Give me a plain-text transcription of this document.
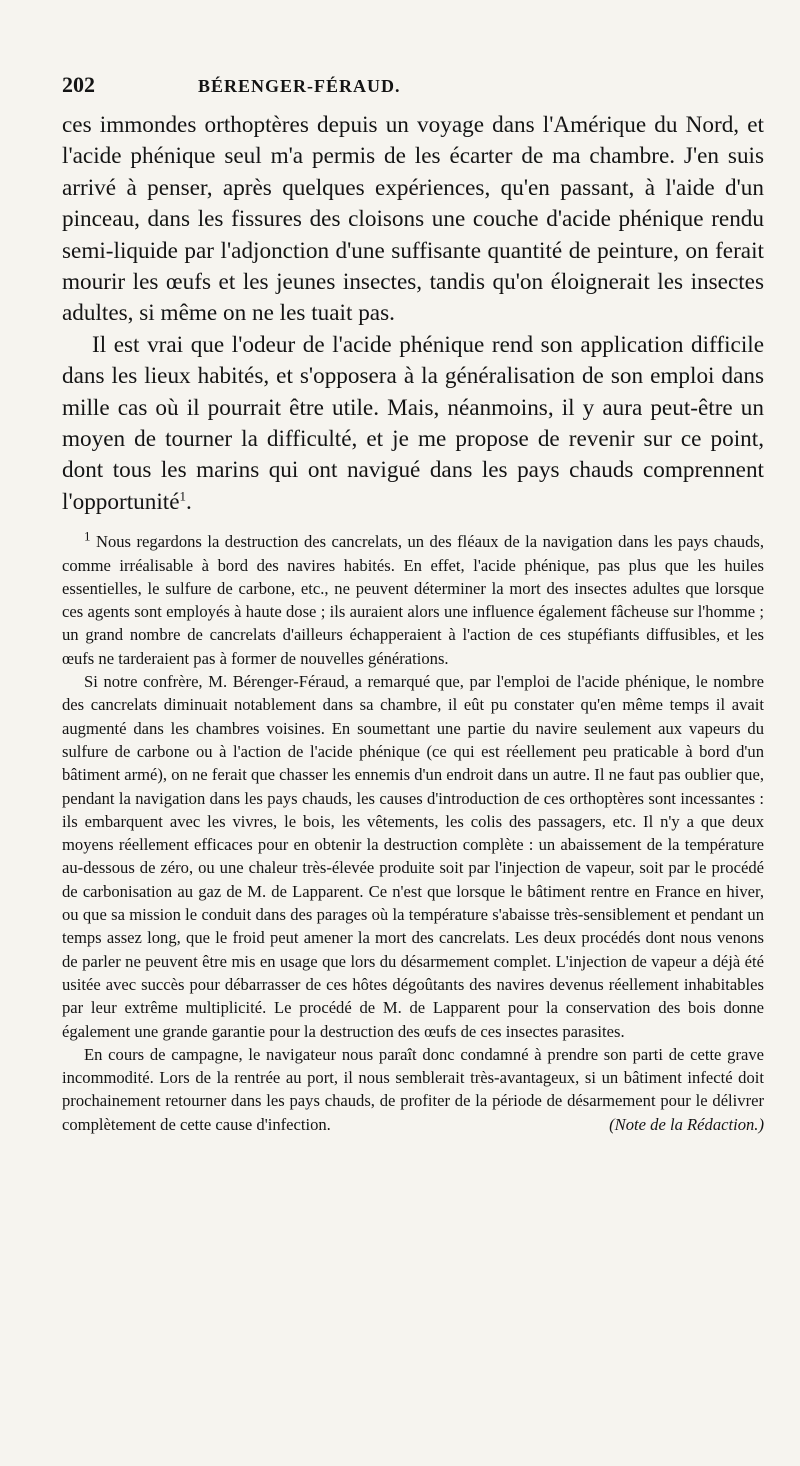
202	BÉRENGER-FÉRAUD.

ces immondes orthoptères depuis un voyage dans l'Amérique du Nord, et l'acide phénique seul m'a permis de les écarter de ma chambre. J'en suis arrivé à penser, après quelques expériences, qu'en passant, à l'aide d'un pinceau, dans les fissures des cloisons une couche d'acide phénique rendu semi-liquide par l'adjonction d'une suffisante quantité de peinture, on ferait mourir les œufs et les jeunes insectes, tandis qu'on éloignerait les insectes adultes, si même on ne les tuait pas.

Il est vrai que l'odeur de l'acide phénique rend son application difficile dans les lieux habités, et s'opposera à la généralisation de son emploi dans mille cas où il pourrait être utile. Mais, néanmoins, il y aura peut-être un moyen de tourner la difficulté, et je me propose de revenir sur ce point, dont tous les marins qui ont navigué dans les pays chauds comprennent l'opportunité$^1$.

$^1$ Nous regardons la destruction des cancrelats, un des fléaux de la navigation dans les pays chauds, comme irréalisable à bord des navires habités. En effet, l'acide phénique, pas plus que les huiles essentielles, le sulfure de carbone, etc., ne peuvent déterminer la mort des insectes adultes que lorsque ces agents sont employés à haute dose ; ils auraient alors une influence également fâcheuse sur l'homme ; un grand nombre de cancrelats d'ailleurs échapperaient à l'action de ces stupéfiants diffusibles, et les œufs ne tarderaient pas à former de nouvelles générations.

Si notre confrère, M. Bérenger-Féraud, a remarqué que, par l'emploi de l'acide phénique, le nombre des cancrelats diminuait notablement dans sa chambre, il eût pu constater qu'en même temps il avait augmenté dans les chambres voisines. En soumettant une partie du navire seulement aux vapeurs du sulfure de carbone ou à l'action de l'acide phénique (ce qui est réellement peu praticable à bord d'un bâtiment armé), on ne ferait que chasser les ennemis d'un endroit dans un autre. Il ne faut pas oublier que, pendant la navigation dans les pays chauds, les causes d'introduction de ces orthoptères sont incessantes : ils embarquent avec les vivres, le bois, les vêtements, les colis des passagers, etc. Il n'y a que deux moyens réellement efficaces pour en obtenir la destruction complète : un abaissement de la température au-dessous de zéro, ou une chaleur très-élevée produite soit par l'injection de vapeur, soit par le procédé de carbonisation au gaz de M. de Lapparent. Ce n'est que lorsque le bâtiment rentre en France en hiver, ou que sa mission le conduit dans des parages où la température s'abaisse très-sensiblement et pendant un temps assez long, que le froid peut amener la mort des cancrelats. Les deux procédés dont nous venons de parler ne peuvent être mis en usage que lors du désarmement complet. L'injection de vapeur a déjà été usitée avec succès pour débarrasser de ces hôtes dégoûtants des navires devenus réellement inhabitables par leur extrême multiplicité. Le procédé de M. de Lapparent pour la conservation des bois donne également une grande garantie pour la destruction des œufs de ces insectes parasites.

En cours de campagne, le navigateur nous paraît donc condamné à prendre son parti de cette grave incommodité. Lors de la rentrée au port, il nous semblerait très-avantageux, si un bâtiment infecté doit prochainement retourner dans les pays chauds, de profiter de la période de désarmement pour le délivrer complètement de cette cause d'infection.	(Note de la Rédaction.)
